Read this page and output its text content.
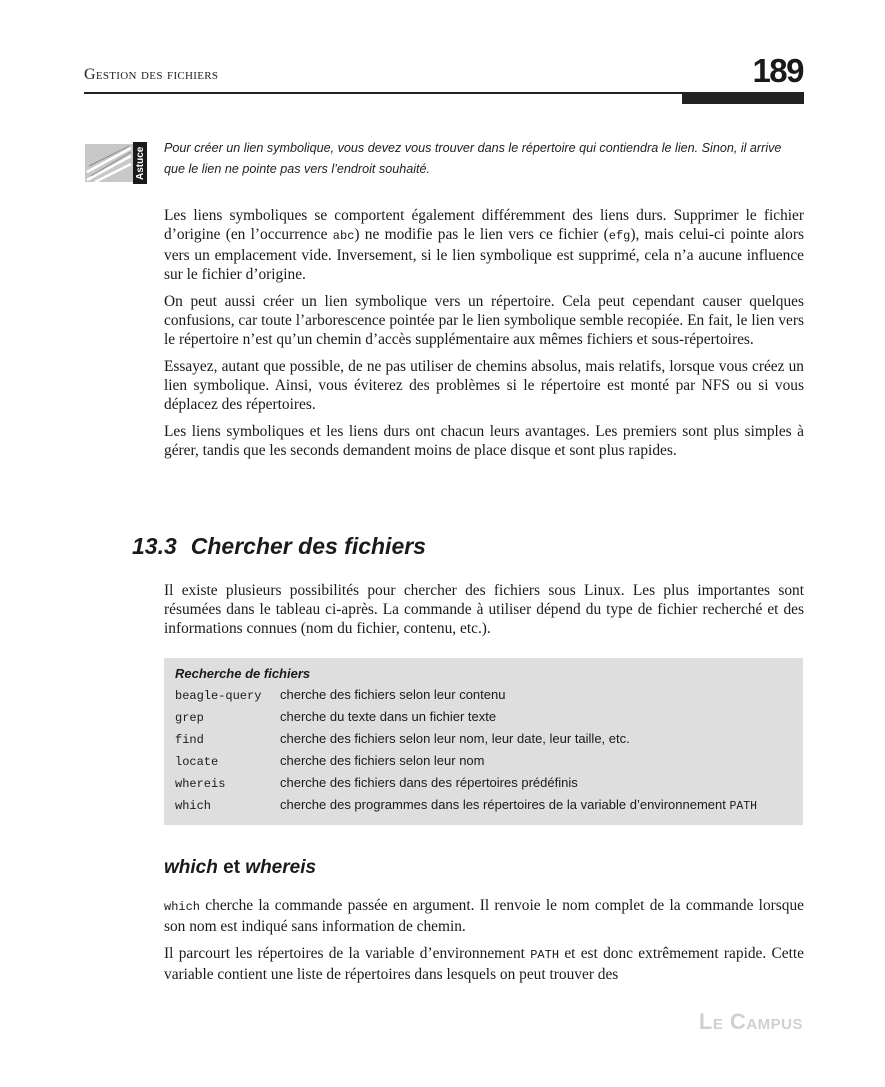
Gestion des fichiers	189
Astuce Pour créer un lien symbolique, vous devez vous trouver dans le répertoire qui contiendra le lien. Sinon, il arrive que le lien ne pointe pas vers l’endroit souhaité.

Les liens symboliques se comportent également différemment des liens durs. Supprimer le fichier d’origine (en l’occurrence abc) ne modifie pas le lien vers ce fichier (efg), mais celui-ci pointe alors vers un emplacement vide. Inversement, si le lien symbolique est supprimé, cela n’a aucune influence sur le fichier d’origine.

On peut aussi créer un lien symbolique vers un répertoire. Cela peut cependant causer quelques confusions, car toute l’arborescence pointée par le lien symbolique semble recopiée. En fait, le lien vers le répertoire n’est qu’un chemin d’accès supplémentaire aux mêmes fichiers et sous-répertoires.

Essayez, autant que possible, de ne pas utiliser de chemins absolus, mais relatifs, lorsque vous créez un lien symbolique. Ainsi, vous éviterez des problèmes si le répertoire est monté par NFS ou si vous déplacez des répertoires.

Les liens symboliques et les liens durs ont chacun leurs avantages. Les premiers sont plus simples à gérer, tandis que les seconds demandent moins de place disque et sont plus rapides.

13.3 Chercher des fichiers

Il existe plusieurs possibilités pour chercher des fichiers sous Linux. Les plus importantes sont résumées dans le tableau ci-après. La commande à utiliser dépend du type de fichier recherché et des informations connues (nom du fichier, contenu, etc.).

Recherche de fichiers
beagle-query cherche des fichiers selon leur contenu
grep	cherche du texte dans un fichier texte
find	cherche des fichiers selon leur nom, leur date, leur taille, etc.
locate	cherche des fichiers selon leur nom
whereis	cherche des fichiers dans des répertoires prédéfinis
which	cherche des programmes dans les répertoires de la variable d’environnement PATH
which et whereis

which cherche la commande passée en argument. Il renvoie le nom complet de la commande lorsque son nom est indiqué sans information de chemin.

Il parcourt les répertoires de la variable d’environnement PATH et est donc extrêmement rapide. Cette variable contient une liste de répertoires dans lesquels on peut trouver des

Le Campus
